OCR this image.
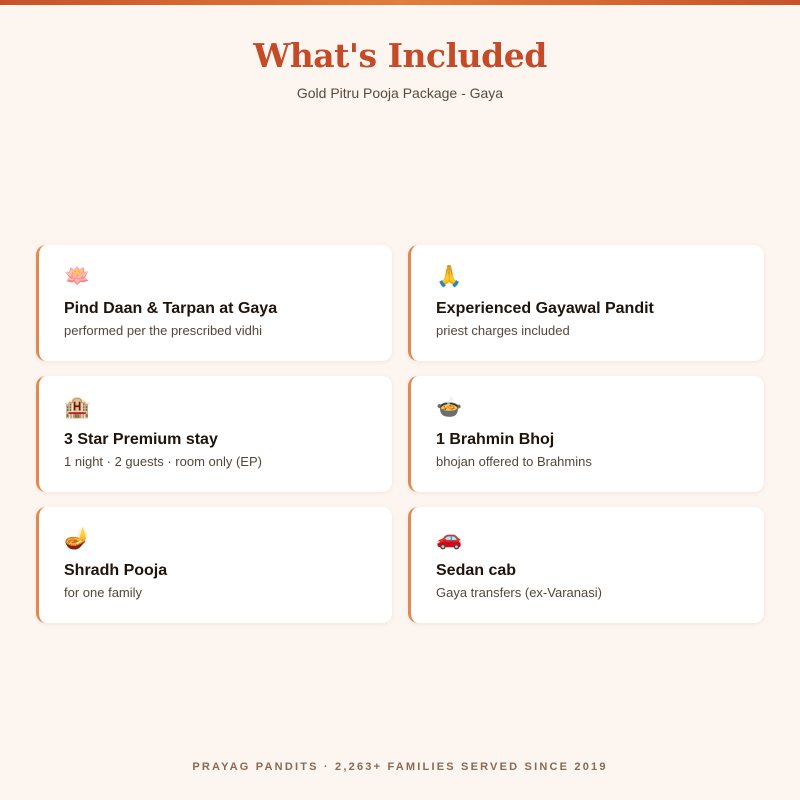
What's Included
Gold Pitru Pooja Package - Gaya
🪷
Pind Daan & Tarpan at Gaya
performed per the prescribed vidhi
🙏
Experienced Gayawal Pandit
priest charges included
🏨
3 Star Premium stay
1 night · 2 guests · room only (EP)
🍲
1 Brahmin Bhoj
bhojan offered to Brahmins
🪔
Shradh Pooja
for one family
🚗
Sedan cab
Gaya transfers (ex-Varanasi)
PRAYAG PANDITS · 2,263+ FAMILIES SERVED SINCE 2019
